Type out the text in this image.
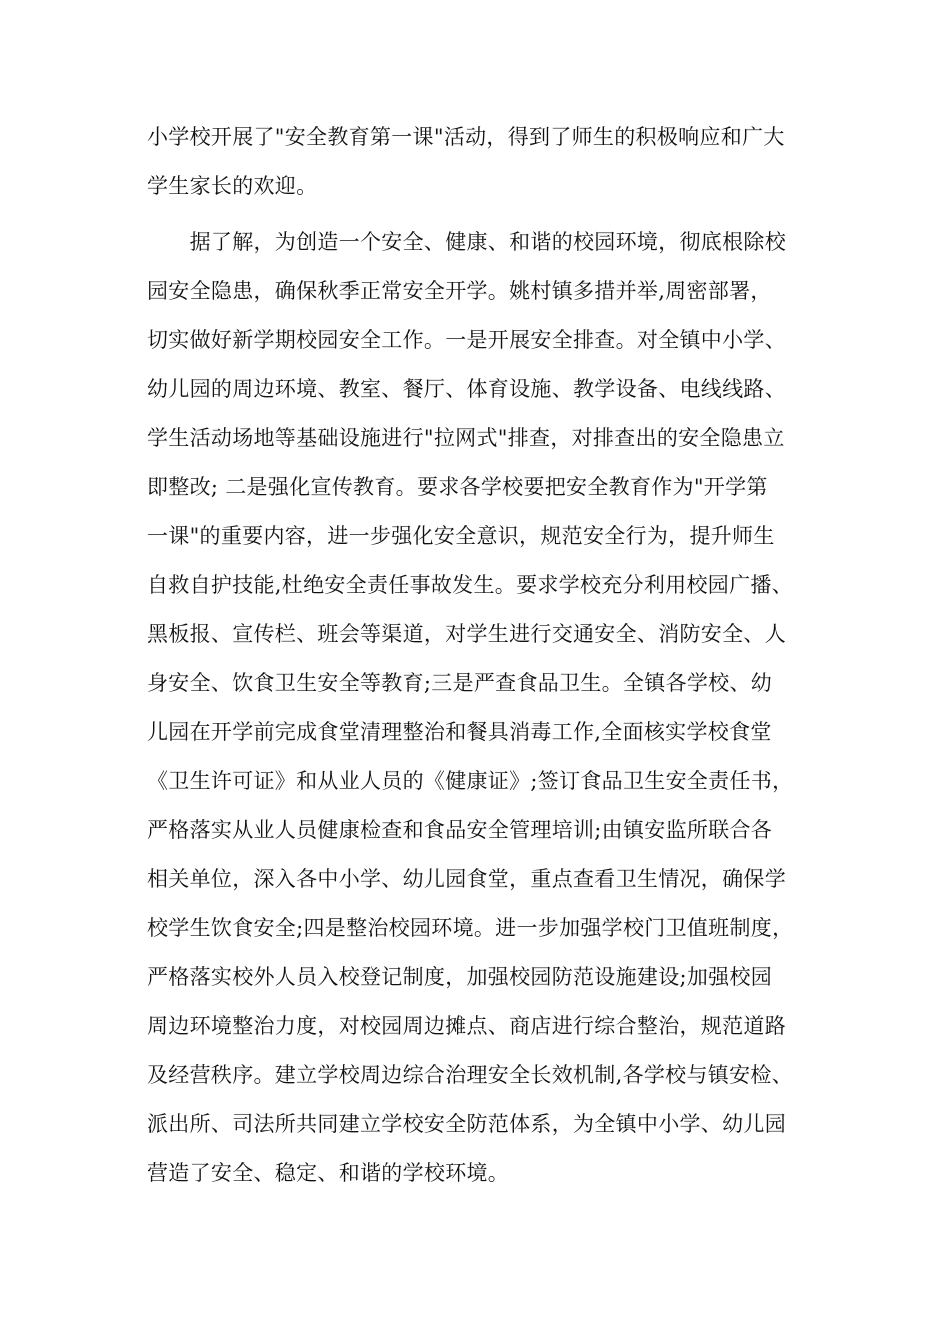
小学校开展了"安全教育第一课"活动，得到了师生的积极响应和广大
学生家长的欢迎。
　　据了解，为创造一个安全、健康、和谐的校园环境，彻底根除校
园安全隐患，确保秋季正常安全开学。姚村镇多措并举,周密部署，
切实做好新学期校园安全工作。一是开展安全排查。对全镇中小学、
幼儿园的周边环境、教室、餐厅、体育设施、教学设备、电线线路、
学生活动场地等基础设施进行"拉网式"排查，对排查出的安全隐患立
即整改; 二是强化宣传教育。要求各学校要把安全教育作为"开学第
一课"的重要内容，进一步强化安全意识，规范安全行为，提升师生
自救自护技能,杜绝安全责任事故发生。要求学校充分利用校园广播、
黑板报、宣传栏、班会等渠道，对学生进行交通安全、消防安全、人
身安全、饮食卫生安全等教育;三是严查食品卫生。全镇各学校、幼
儿园在开学前完成食堂清理整治和餐具消毒工作,全面核实学校食堂
《卫生许可证》和从业人员的《健康证》;签订食品卫生安全责任书，
严格落实从业人员健康检查和食品安全管理培训;由镇安监所联合各
相关单位，深入各中小学、幼儿园食堂，重点查看卫生情况，确保学
校学生饮食安全;四是整治校园环境。进一步加强学校门卫值班制度，
严格落实校外人员入校登记制度，加强校园防范设施建设;加强校园
周边环境整治力度，对校园周边摊点、商店进行综合整治，规范道路
及经营秩序。建立学校周边综合治理安全长效机制,各学校与镇安检、
派出所、司法所共同建立学校安全防范体系，为全镇中小学、幼儿园
营造了安全、稳定、和谐的学校环境。
